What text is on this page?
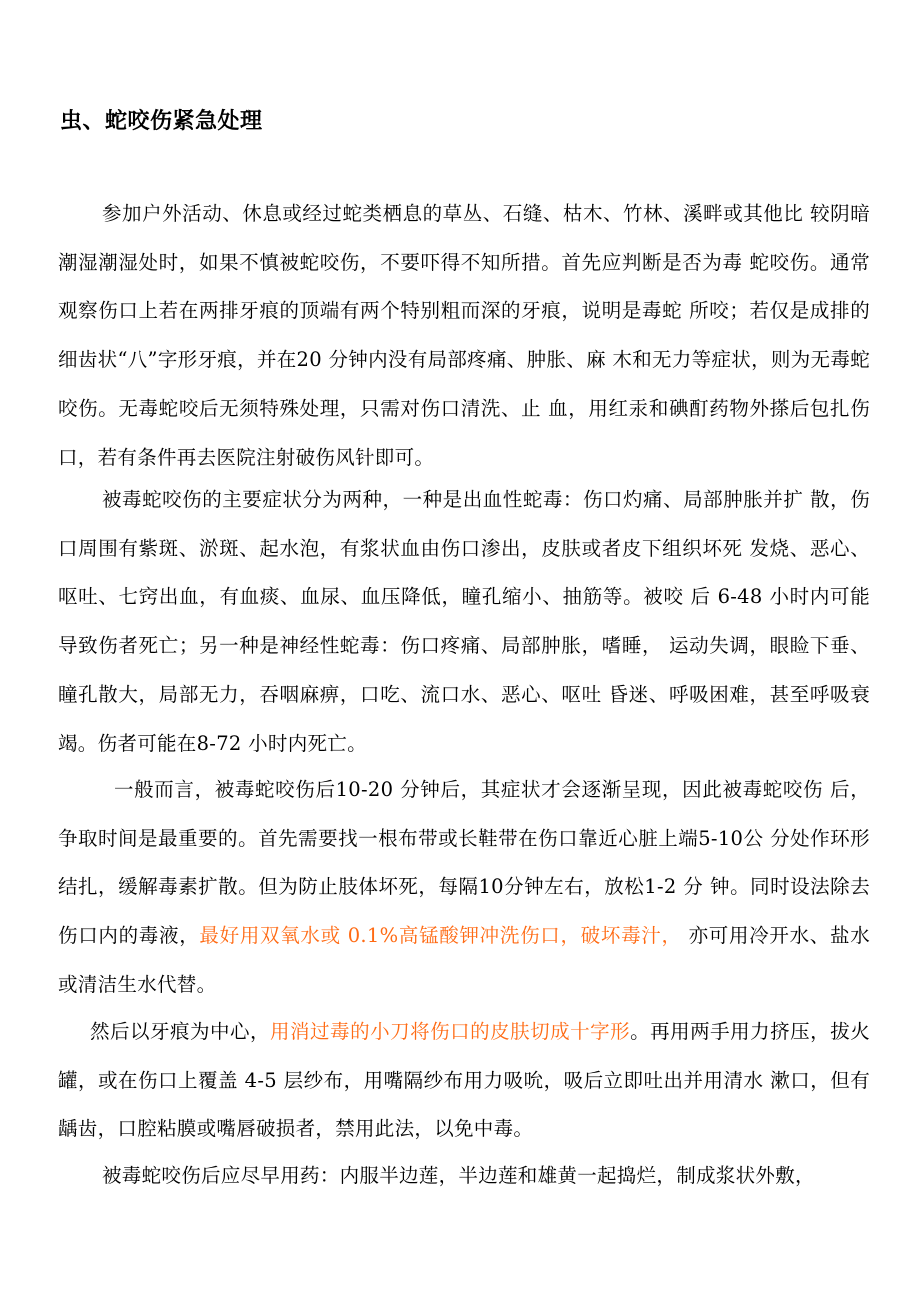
虫、蛇咬伤紧急处理

参加户外活动、休息或经过蛇类栖息的草丛、石缝、枯木、竹林、溪畔或其他比 较阴暗潮湿潮湿处时，如果不慎被蛇咬伤，不要吓得不知所措。首先应判断是否为毒 蛇咬伤。通常观察伤口上若在两排牙痕的顶端有两个特别粗而深的牙痕，说明是毒蛇 所咬；若仅是成排的细齿状“八”字形牙痕，并在20 分钟内没有局部疼痛、肿胀、麻 木和无力等症状，则为无毒蛇咬伤。无毒蛇咬后无须特殊处理，只需对伤口清洗、止 血，用红汞和碘酊药物外搽后包扎伤口，若有条件再去医院注射破伤风针即可。

被毒蛇咬伤的主要症状分为两种，一种是出血性蛇毒：伤口灼痛、局部肿胀并扩 散，伤口周围有紫斑、淤斑、起水泡，有浆状血由伤口渗出，皮肤或者皮下组织坏死 发烧、恶心、呕吐、七窍出血，有血痰、血尿、血压降低，瞳孔缩小、抽筋等。被咬 后 6-48 小时内可能导致伤者死亡；另一种是神经性蛇毒：伤口疼痛、局部肿胀，嗜睡， 运动失调，眼睑下垂、瞳孔散大，局部无力，吞咽麻痹，口吃、流口水、恶心、呕吐 昏迷、呼吸困难，甚至呼吸衰竭。伤者可能在8-72 小时内死亡。

一般而言，被毒蛇咬伤后10-20 分钟后，其症状才会逐渐呈现，因此被毒蛇咬伤 后，争取时间是最重要的。首先需要找一根布带或长鞋带在伤口靠近心脏上端5-10公 分处作环形结扎，缓解毒素扩散。但为防止肢体坏死，每隔10分钟左右，放松1-2 分 钟。同时设法除去伤口内的毒液，最好用双氧水或 0.1%高锰酸钾冲洗伤口，破坏毒汁， 亦可用冷开水、盐水或清洁生水代替。

然后以牙痕为中心，用消过毒的小刀将伤口的皮肤切成十字形。再用两手用力挤压，拔火罐，或在伤口上覆盖 4-5 层纱布，用嘴隔纱布用力吸吮，吸后立即吐出并用清水 漱口，但有龋齿，口腔粘膜或嘴唇破损者，禁用此法，以免中毒。

被毒蛇咬伤后应尽早用药：内服半边莲，半边莲和雄黄一起捣烂，制成浆状外敷，
